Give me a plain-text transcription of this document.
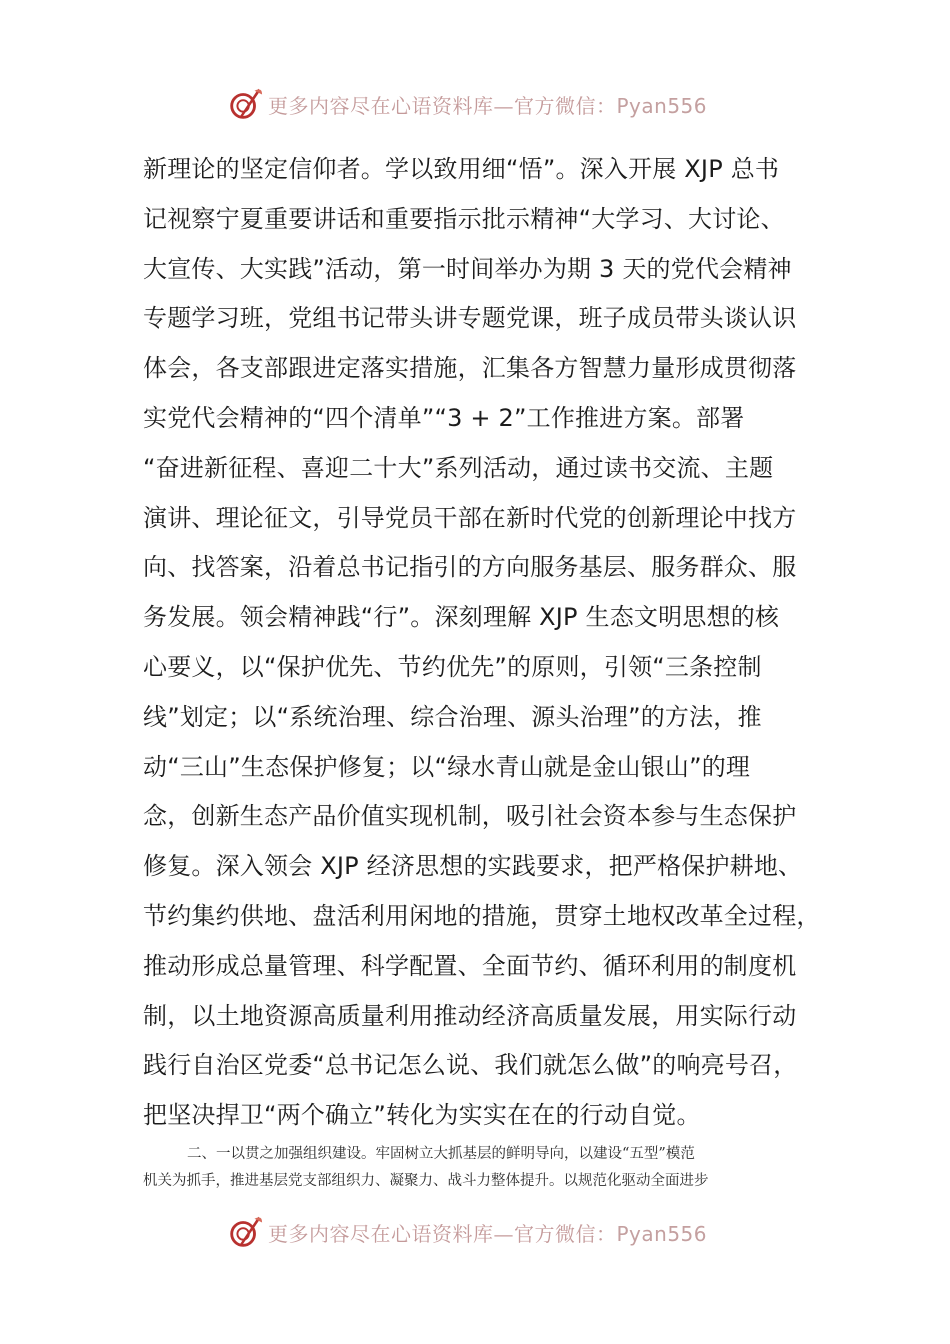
更多内容尽在心语资料库—官方微信：Pyan556
新理论的坚定信仰者。学以致用细“悟”。深入开展 XJP 总书
记视察宁夏重要讲话和重要指示批示精神“大学习、大讨论、
大宣传、大实践”活动，第一时间举办为期 3 天的党代会精神
专题学习班，党组书记带头讲专题党课，班子成员带头谈认识
体会，各支部跟进定落实措施，汇集各方智慧力量形成贯彻落
实党代会精神的“四个清单”“3 + 2”工作推进方案。部署
“奋进新征程、喜迎二十大”系列活动，通过读书交流、主题
演讲、理论征文，引导党员干部在新时代党的创新理论中找方
向、找答案，沿着总书记指引的方向服务基层、服务群众、服
务发展。领会精神践“行”。深刻理解 XJP 生态文明思想的核
心要义，以“保护优先、节约优先”的原则，引领“三条控制
线”划定；以“系统治理、综合治理、源头治理”的方法，推
动“三山”生态保护修复；以“绿水青山就是金山银山”的理
念，创新生态产品价值实现机制，吸引社会资本参与生态保护
修复。深入领会 XJP 经济思想的实践要求，把严格保护耕地、
节约集约供地、盘活利用闲地的措施，贯穿土地权改革全过程，
推动形成总量管理、科学配置、全面节约、循环利用的制度机
制，以土地资源高质量利用推动经济高质量发展，用实际行动
践行自治区党委“总书记怎么说、我们就怎么做”的响亮号召，
把坚决捍卫“两个确立”转化为实实在在的行动自觉。
二、一以贯之加强组织建设。牢固树立大抓基层的鲜明导向，以建设“五型”模范
机关为抓手，推进基层党支部组织力、凝聚力、战斗力整体提升。以规范化驱动全面进步
更多内容尽在心语资料库—官方微信：Pyan556
